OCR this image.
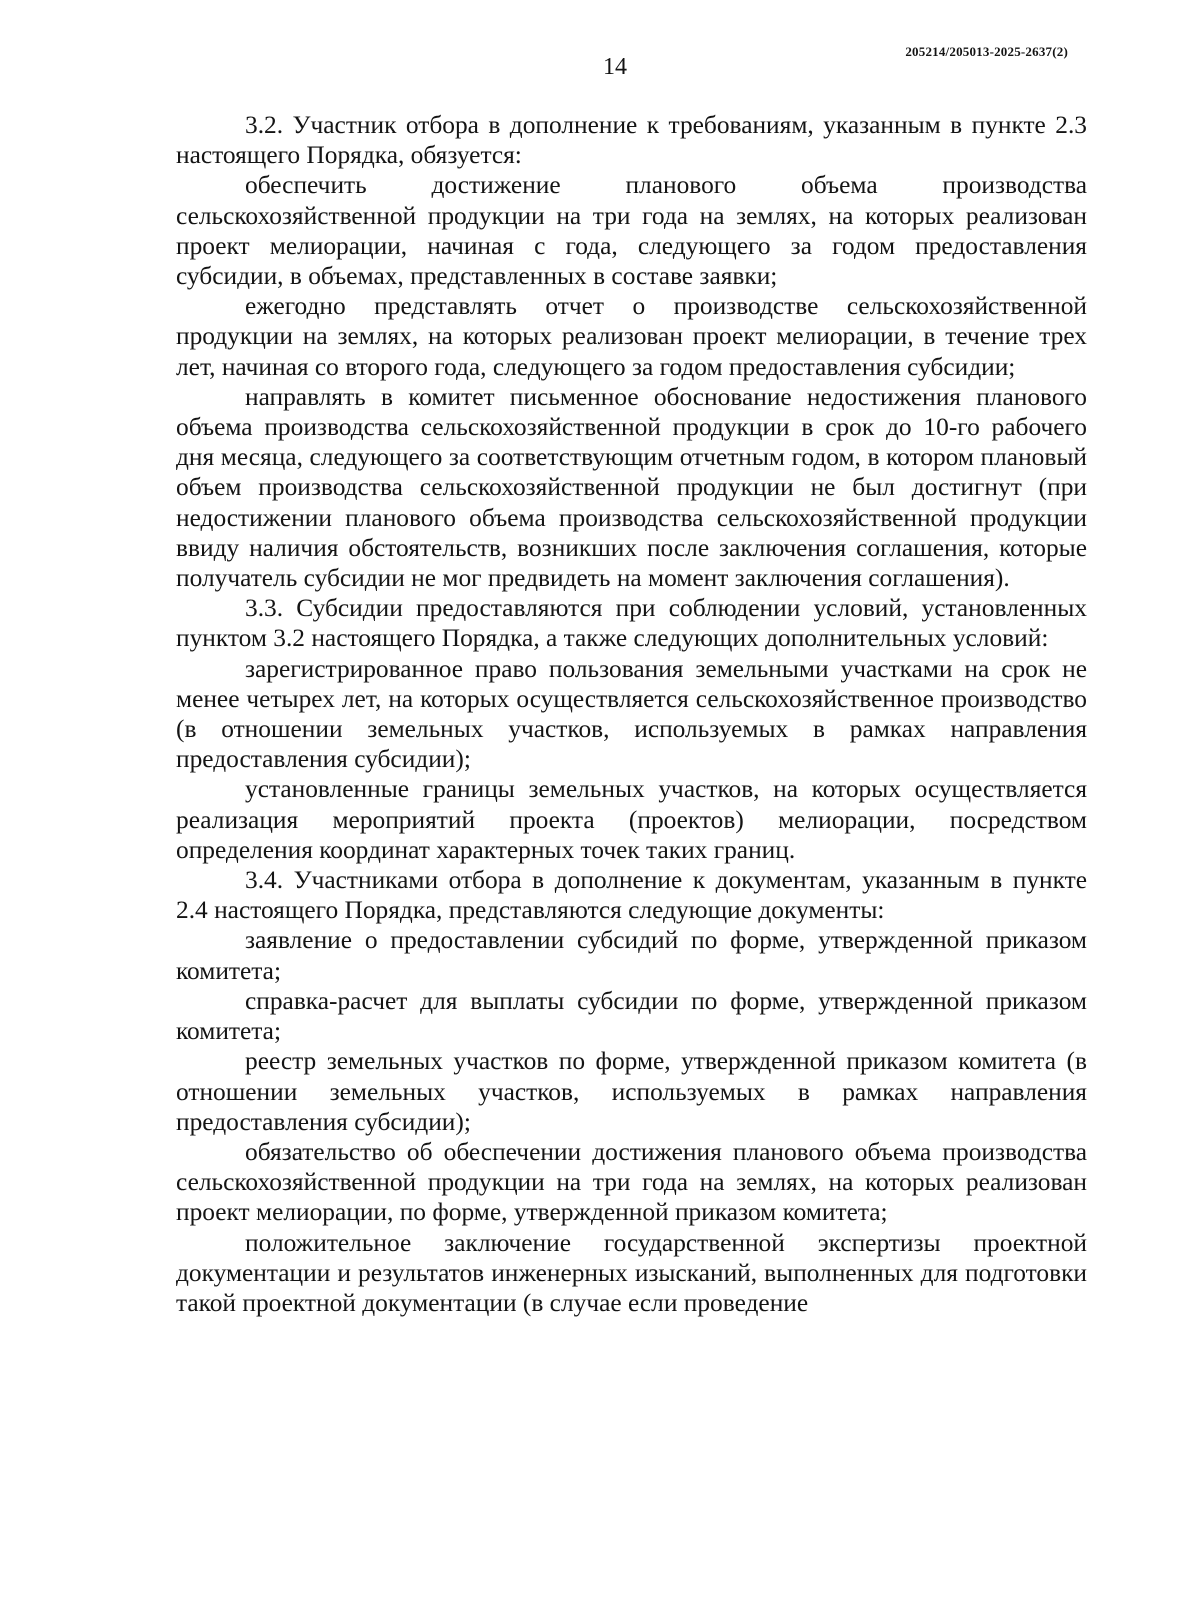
205214/205013-2025-2637(2)
14

3.2. Участник отбора в дополнение к требованиям, указанным в пункте 2.3 настоящего Порядка, обязуется:

обеспечить достижение планового объема производства сельскохозяйственной продукции на три года на землях, на которых реализован проект мелиорации, начиная с года, следующего за годом предоставления субсидии, в объемах, представленных в составе заявки;

ежегодно представлять отчет о производстве сельскохозяйственной продукции на землях, на которых реализован проект мелиорации, в течение трех лет, начиная со второго года, следующего за годом предоставления субсидии;

направлять в комитет письменное обоснование недостижения планового объема производства сельскохозяйственной продукции в срок до 10-го рабочего дня месяца, следующего за соответствующим отчетным годом, в котором плановый объем производства сельскохозяйственной продукции не был достигнут (при недостижении планового объема производства сельскохозяйственной продукции ввиду наличия обстоятельств, возникших после заключения соглашения, которые получатель субсидии не мог предвидеть на момент заключения соглашения).

3.3. Субсидии предоставляются при соблюдении условий, установленных пунктом 3.2 настоящего Порядка, а также следующих дополнительных условий:

зарегистрированное право пользования земельными участками на срок не менее четырех лет, на которых осуществляется сельскохозяйственное производство (в отношении земельных участков, используемых в рамках направления предоставления субсидии);

установленные границы земельных участков, на которых осуществляется реализация мероприятий проекта (проектов) мелиорации, посредством определения координат характерных точек таких границ.

3.4. Участниками отбора в дополнение к документам, указанным в пункте 2.4 настоящего Порядка, представляются следующие документы:

заявление о предоставлении субсидий по форме, утвержденной приказом комитета;

справка-расчет для выплаты субсидии по форме, утвержденной приказом комитета;

реестр земельных участков по форме, утвержденной приказом комитета (в отношении земельных участков, используемых в рамках направления предоставления субсидии);

обязательство об обеспечении достижения планового объема производства сельскохозяйственной продукции на три года на землях, на которых реализован проект мелиорации, по форме, утвержденной приказом комитета;

положительное заключение государственной экспертизы проектной документации и результатов инженерных изысканий, выполненных для подготовки такой проектной документации (в случае если проведение
